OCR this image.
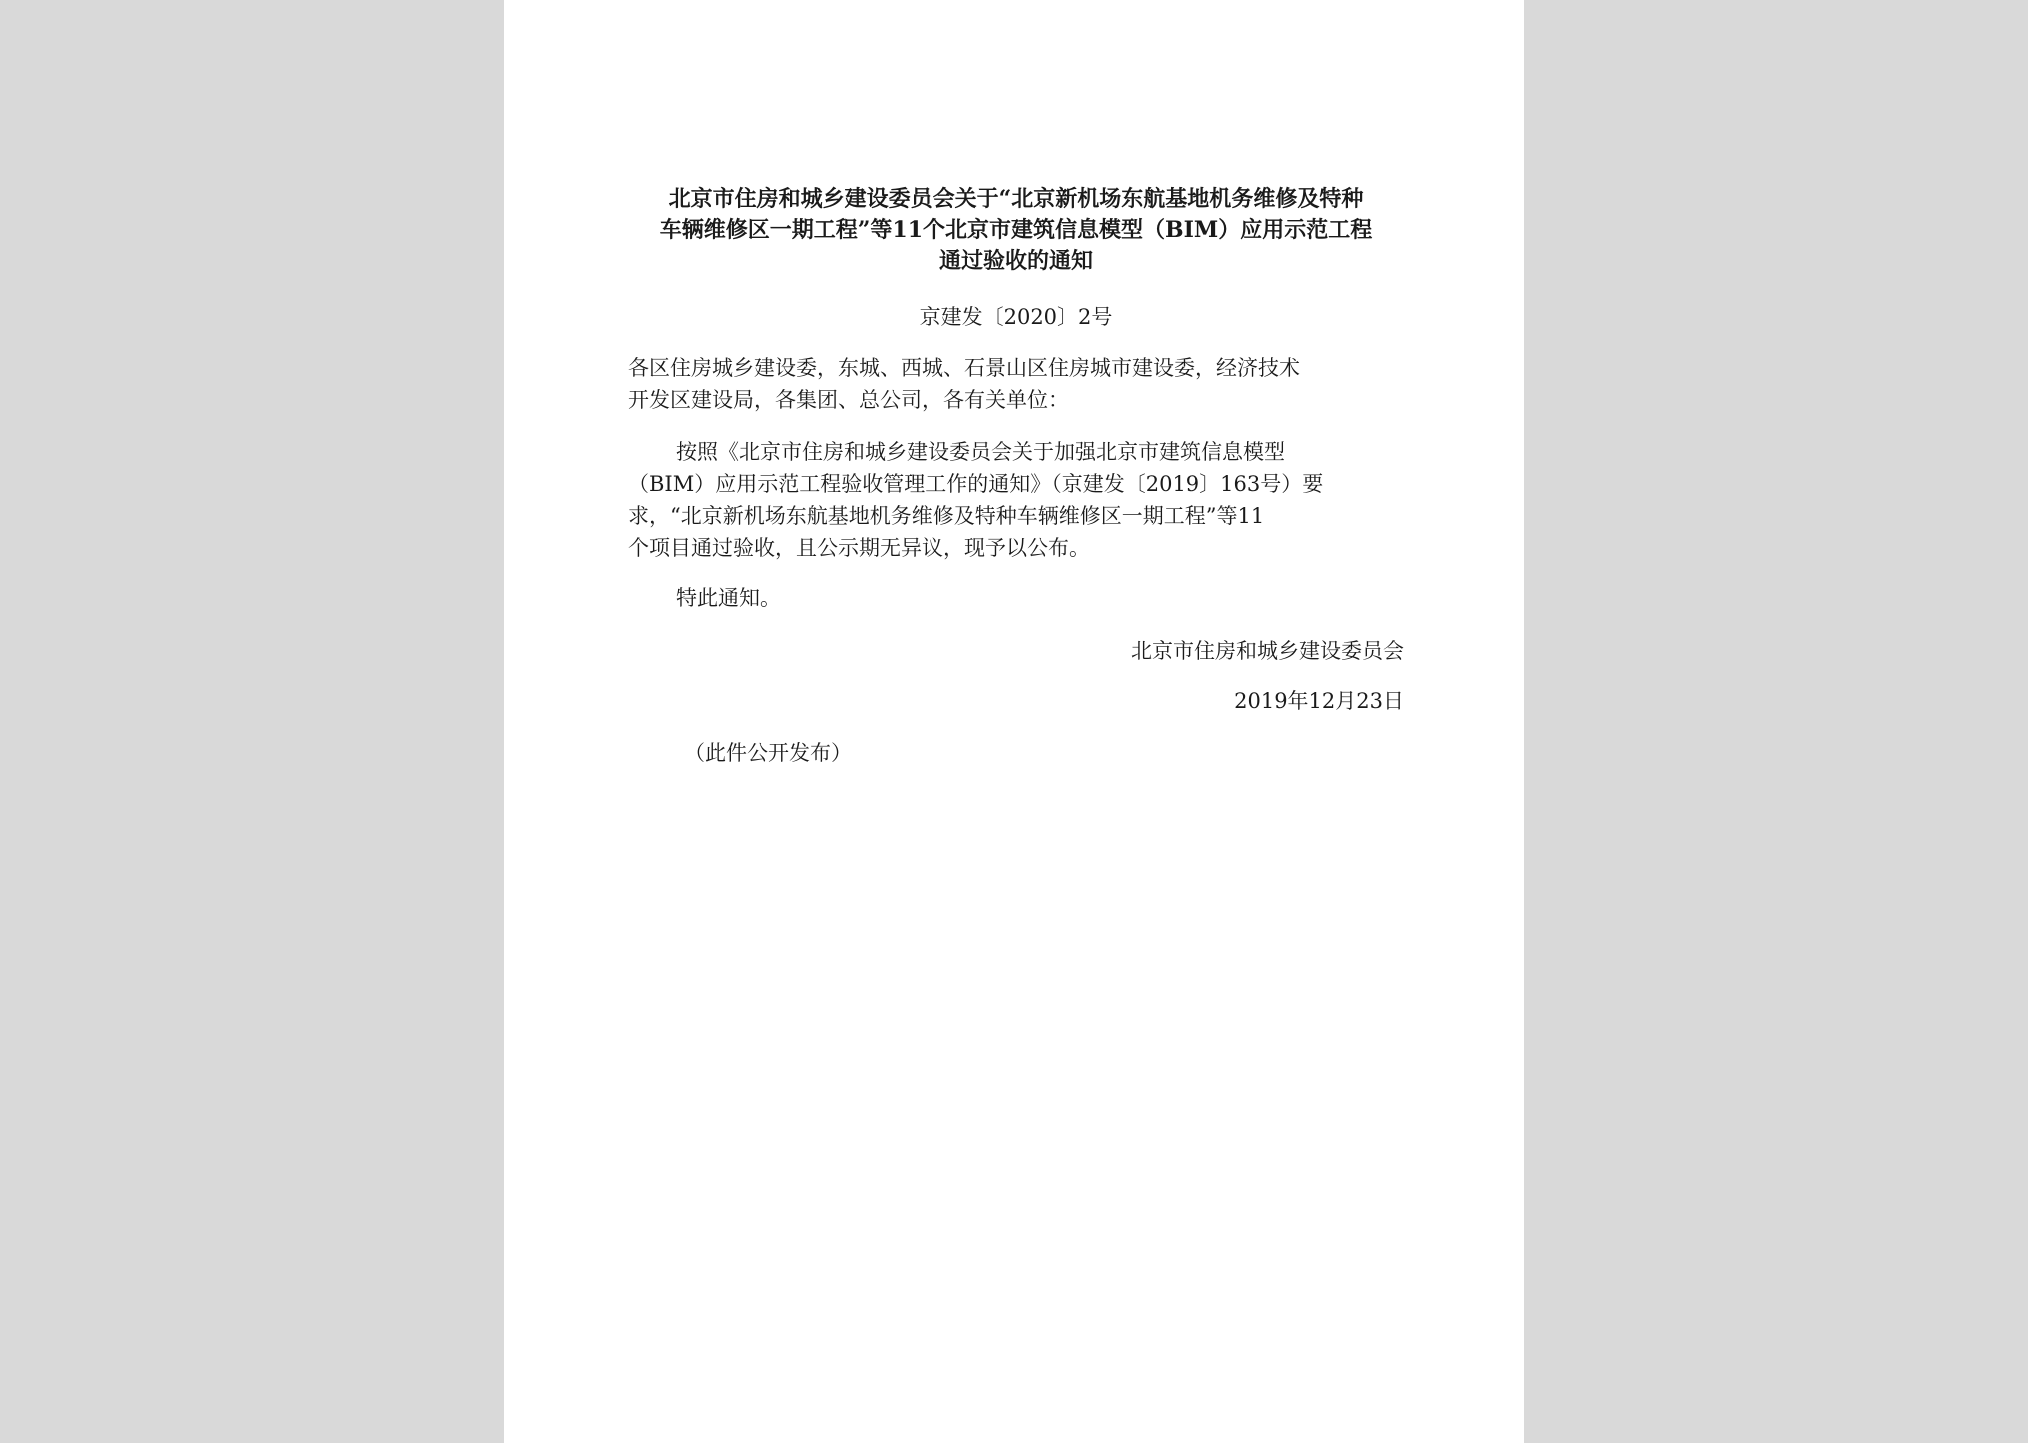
北京市住房和城乡建设委员会关于“北京新机场东航基地机务维修及特种
车辆维修区一期工程”等11个北京市建筑信息模型（BIM）应用示范工程
通过验收的通知
京建发〔2020〕2号
各区住房城乡建设委，东城、西城、石景山区住房城市建设委，经济技术
开发区建设局，各集团、总公司，各有关单位：
按照《北京市住房和城乡建设委员会关于加强北京市建筑信息模型
（BIM）应用示范工程验收管理工作的通知》（京建发〔2019〕163号）要
求，“北京新机场东航基地机务维修及特种车辆维修区一期工程”等11
个项目通过验收，且公示期无异议，现予以公布。
特此通知。
北京市住房和城乡建设委员会
2019年12月23日
（此件公开发布）
